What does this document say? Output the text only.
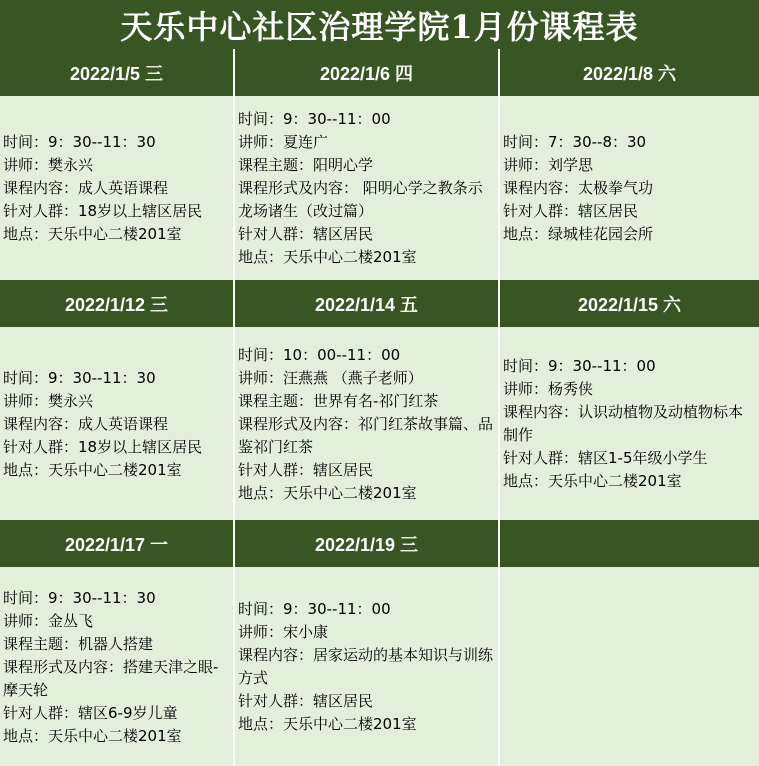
天乐中心社区治理学院1月份课程表
2022/1/5 三	2022/1/6 四	2022/1/8 六
时间：9：30--11：30
讲师：樊永兴
课程内容：成人英语课程
针对人群：18岁以上辖区居民
地点：天乐中心二楼201室
时间：9：30--11：00
讲师：夏连广
课程主题：阳明心学
课程形式及内容： 阳明心学之教条示龙场诸生（改过篇）
针对人群：辖区居民
地点：天乐中心二楼201室
时间：7：30--8：30
讲师：刘学思
课程内容：太极拳气功
针对人群：辖区居民
地点：绿城桂花园会所
2022/1/12 三	2022/1/14 五	2022/1/15 六
时间：9：30--11：30
讲师：樊永兴
课程内容：成人英语课程
针对人群：18岁以上辖区居民
地点：天乐中心二楼201室
时间：10：00--11：00
讲师：汪燕燕 （燕子老师）
课程主题：世界有名-祁门红茶
课程形式及内容：祁门红茶故事篇、品鉴祁门红茶
针对人群：辖区居民
地点：天乐中心二楼201室
时间：9：30--11：00
讲师：杨秀侠
课程内容：认识动植物及动植物标本制作
针对人群：辖区1-5年级小学生
地点：天乐中心二楼201室
2022/1/17 一	2022/1/19 三
时间：9：30--11：30
讲师：金丛飞
课程主题：机器人搭建
课程形式及内容：搭建天津之眼-摩天轮
针对人群：辖区6-9岁儿童
地点：天乐中心二楼201室
时间：9：30--11：00
讲师：宋小康
课程内容：居家运动的基本知识与训练方式
针对人群：辖区居民
地点：天乐中心二楼201室
